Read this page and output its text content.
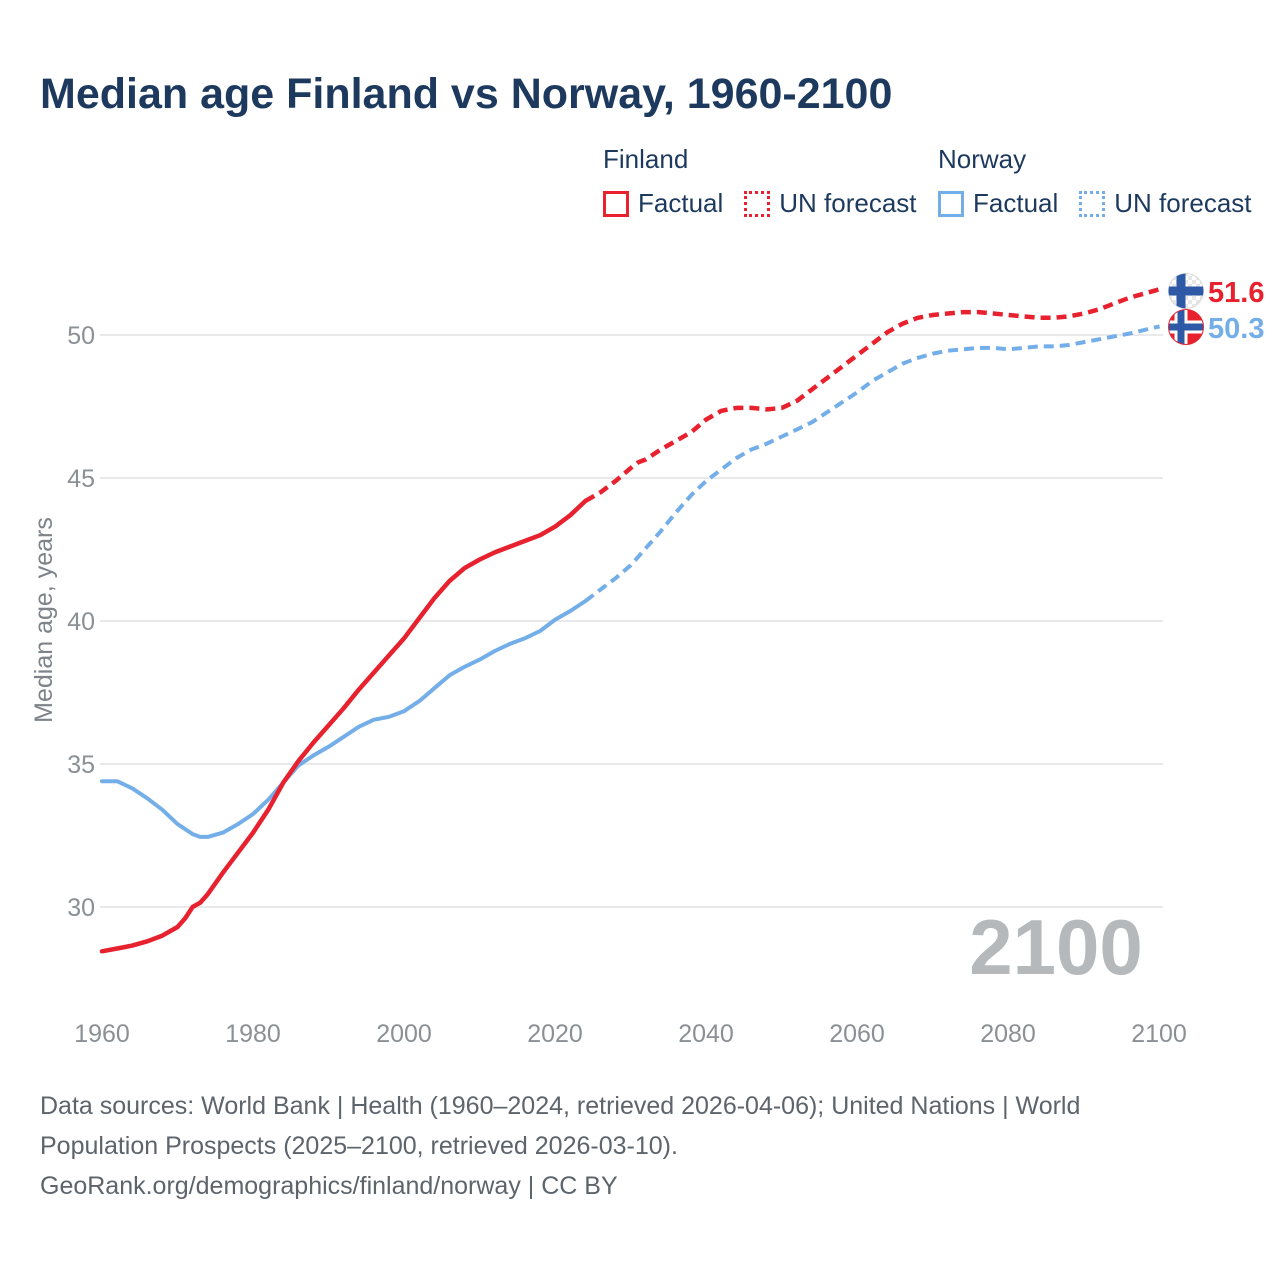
Median age Finland vs Norway, 1960-2100
Finland
Factual UN forecast
Norway
Factual UN forecast
2100
30
35
40
45
50
1960	1980	2000	2020	2040	2060	2080	2100
Median age, years
51.6
50.3
Data sources: World Bank | Health (1960–2024, retrieved 2026-04-06); United Nations | World
Population Prospects (2025–2100, retrieved 2026-03-10).
GeoRank.org/demographics/finland/norway | CC BY
